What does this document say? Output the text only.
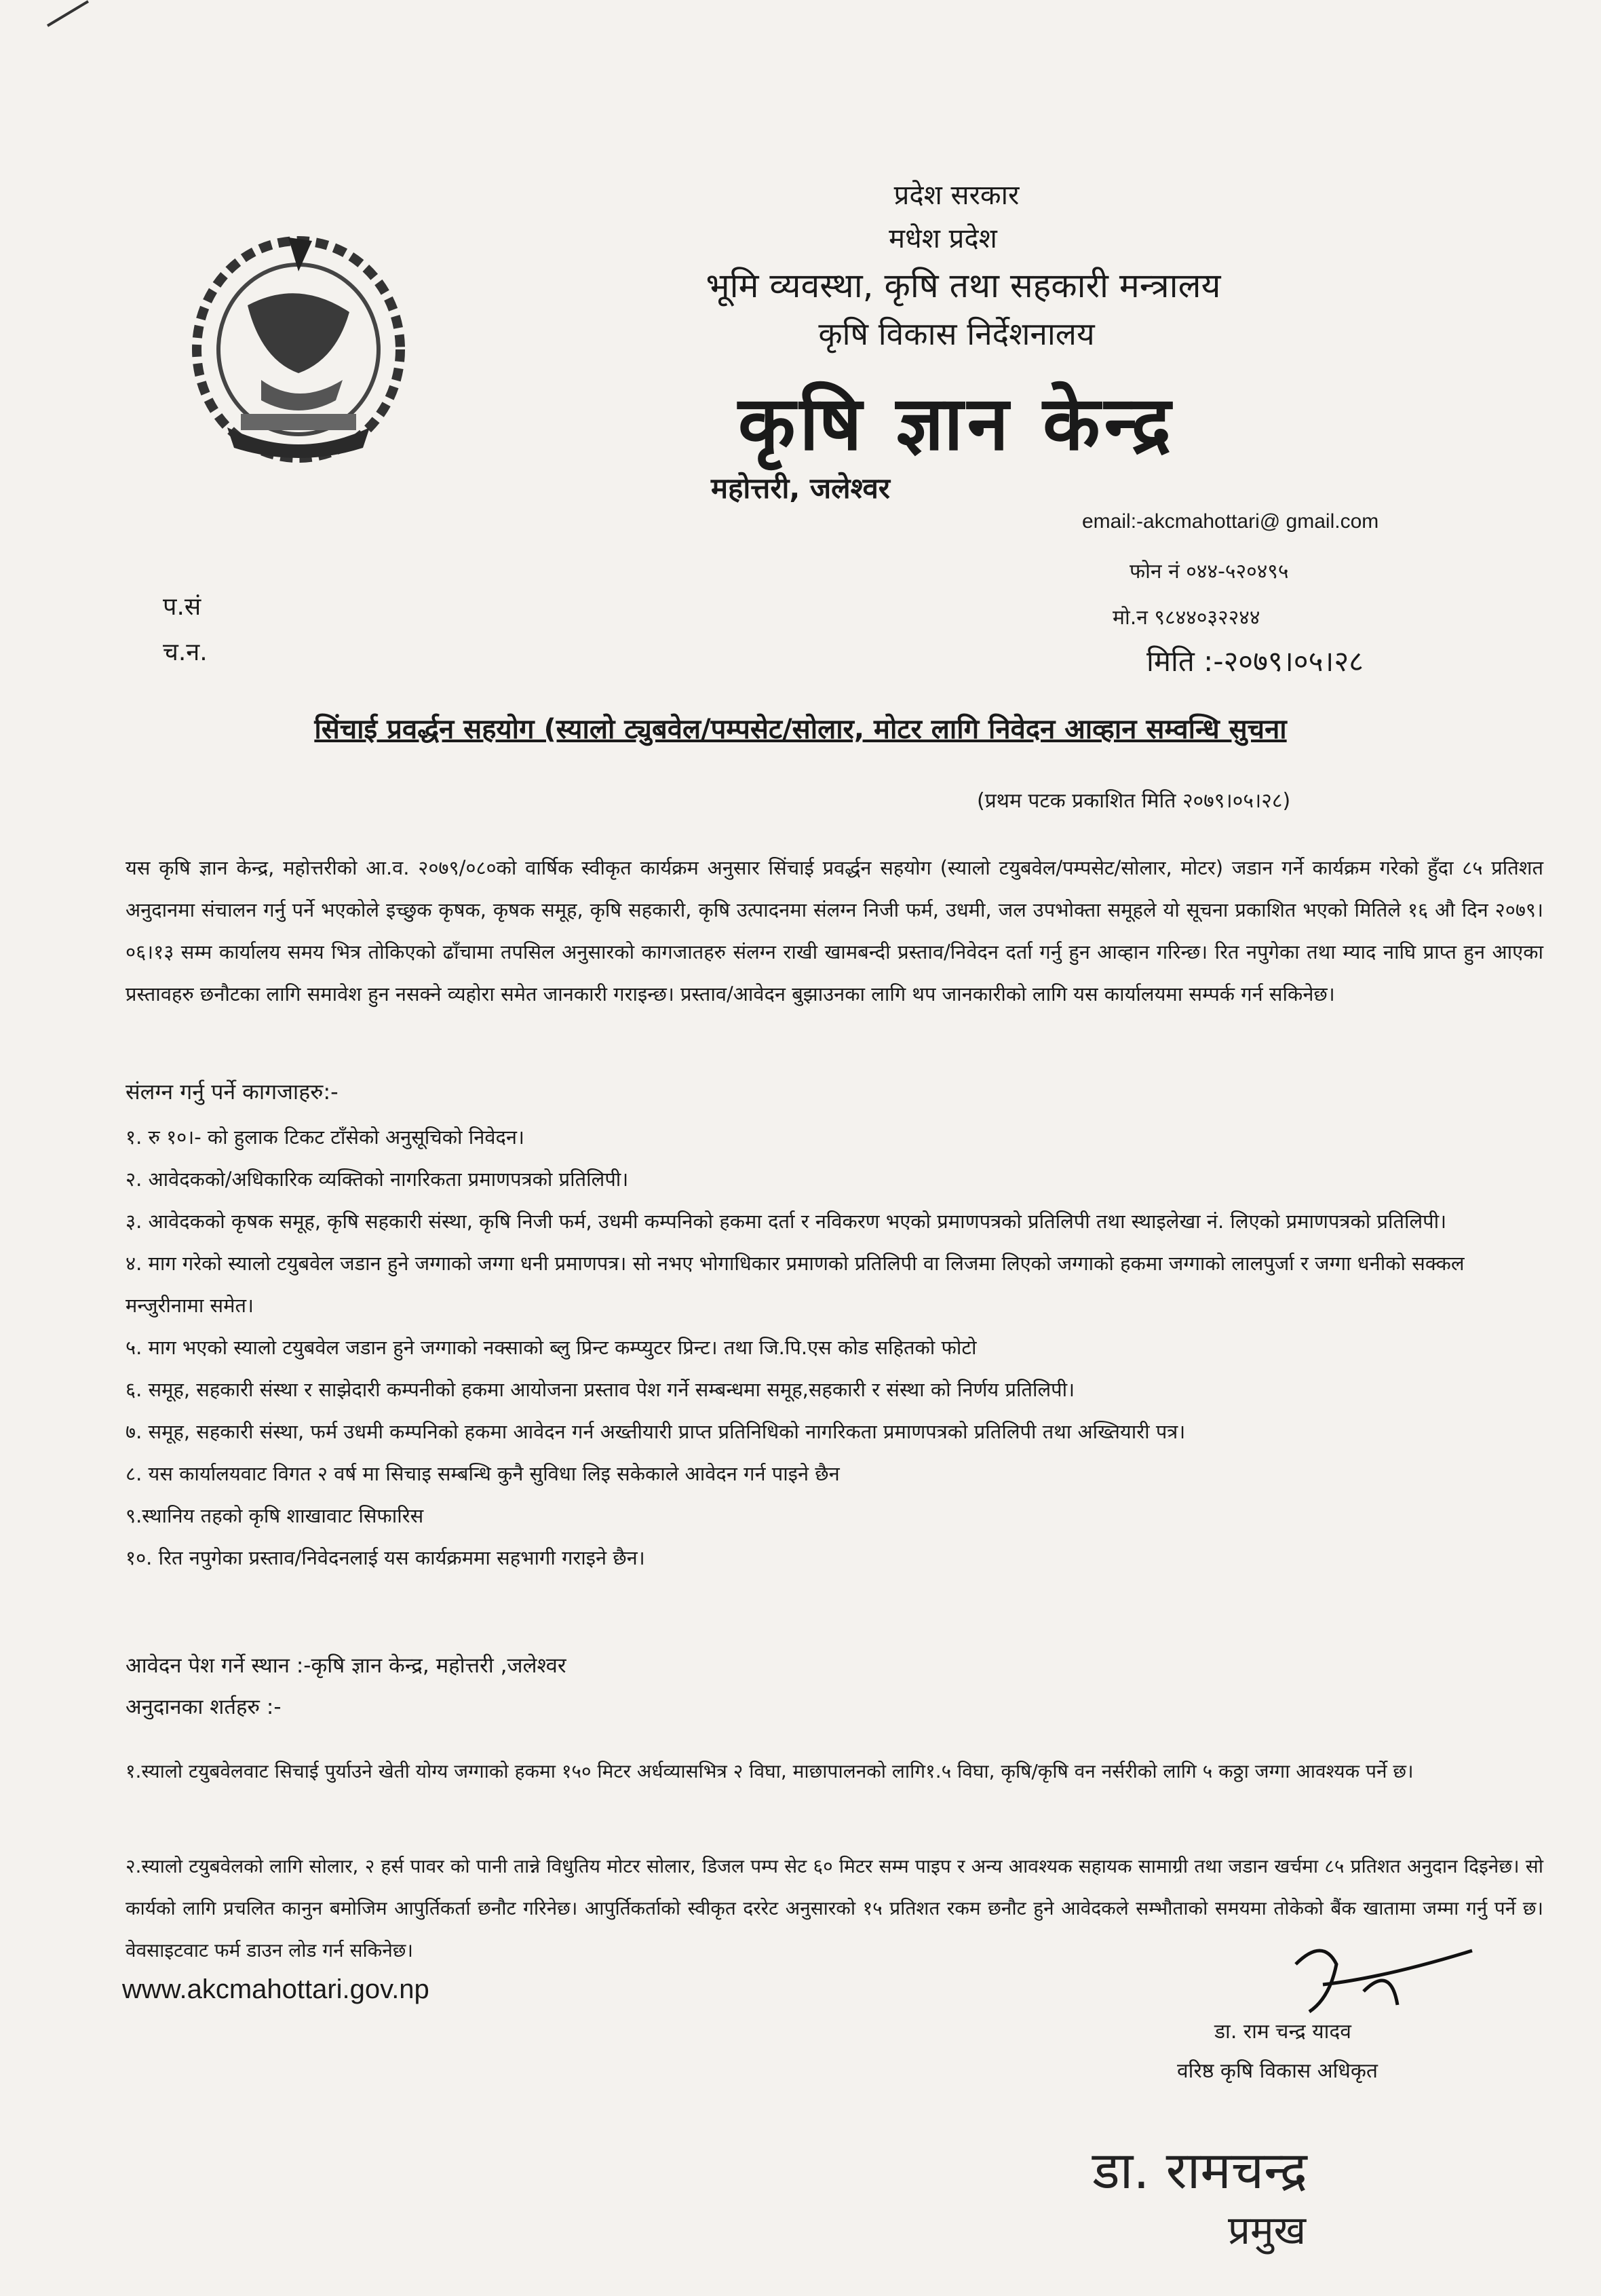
प्रदेश सरकार
मधेश प्रदेश
भूमि व्यवस्था, कृषि तथा सहकारी मन्त्रालय
कृषि विकास निर्देशनालय
कृषि ज्ञान केन्द्र
महोत्तरी, जलेश्वर
email:-akcmahottari@ gmail.com
फोन नं ०४४-५२०४९५
मो.न ९८४४०३२२४४
मिति :-२०७९।०५।२८
प.सं
च.न.
सिंचाई प्रवर्द्धन सहयोग (स्यालो ट्युबवेल/पम्पसेट/सोलार, मोटर लागि निवेदन आव्हान सम्वन्धि सुचना
(प्रथम पटक प्रकाशित मिति २०७९।०५।२८)
यस कृषि ज्ञान केन्द्र, महोत्तरीको आ.व. २०७९/०८०को वार्षिक स्वीकृत कार्यक्रम अनुसार सिंचाई प्रवर्द्धन सहयोग (स्यालो टयुबवेल/पम्पसेट/सोलार, मोटर) जडान गर्ने कार्यक्रम गरेको हुँदा ८५ प्रतिशत अनुदानमा संचालन गर्नु पर्ने भएकोले इच्छुक कृषक, कृषक समूह, कृषि सहकारी, कृषि उत्पादनमा संलग्न निजी फर्म, उधमी, जल उपभोक्ता समूहले यो सूचना प्रकाशित भएको मितिले १६ औ दिन २०७९।०६।१३ सम्म कार्यालय समय भित्र तोकिएको ढाँचामा तपसिल अनुसारको कागजातहरु संलग्न राखी खामबन्दी प्रस्ताव/निवेदन दर्ता गर्नु हुन आव्हान गरिन्छ। रित नपुगेका तथा म्याद नाघि प्राप्त हुन आएका प्रस्तावहरु छनौटका लागि समावेश हुन नसक्ने व्यहोरा समेत जानकारी गराइन्छ। प्रस्ताव/आवेदन बुझाउनका लागि थप जानकारीको लागि यस कार्यालयमा सम्पर्क गर्न सकिनेछ।
संलग्न गर्नु पर्ने कागजाहरु:-
१. रु १०।- को हुलाक टिकट टाँसेको अनुसूचिको निवेदन।
२. आवेदकको/अधिकारिक व्यक्तिको नागरिकता प्रमाणपत्रको प्रतिलिपी।
३. आवेदकको कृषक समूह, कृषि सहकारी संस्था, कृषि निजी फर्म, उधमी कम्पनिको हकमा दर्ता र नविकरण भएको प्रमाणपत्रको प्रतिलिपी तथा स्थाइलेखा नं. लिएको प्रमाणपत्रको प्रतिलिपी।
४. माग गरेको स्यालो टयुबवेल जडान हुने जग्गाको जग्गा धनी प्रमाणपत्र। सो नभए भोगाधिकार प्रमाणको प्रतिलिपी वा लिजमा लिएको जग्गाको हकमा जग्गाको लालपुर्जा र जग्गा धनीको सक्कल मन्जुरीनामा समेत।
५. माग भएको स्यालो टयुबवेल जडान हुने जग्गाको नक्साको ब्लु प्रिन्ट कम्प्युटर प्रिन्ट। तथा जि.पि.एस कोड सहितको फोटो
६. समूह, सहकारी संस्था र साझेदारी कम्पनीको हकमा आयोजना प्रस्ताव पेश गर्ने सम्बन्धमा समूह,सहकारी र संस्था को निर्णय प्रतिलिपी।
७. समूह, सहकारी संस्था, फर्म उधमी कम्पनिको हकमा आवेदन गर्न अख्तीयारी प्राप्त प्रतिनिधिको नागरिकता प्रमाणपत्रको प्रतिलिपी तथा अख्तियारी पत्र।
८. यस कार्यालयवाट विगत २ वर्ष मा सिचाइ सम्बन्धि कुनै सुविधा लिइ सकेकाले आवेदन गर्न पाइने छैन
९.स्थानिय तहको कृषि शाखावाट सिफारिस
१०. रित नपुगेका प्रस्ताव/निवेदनलाई यस कार्यक्रममा सहभागी गराइने छैन।
आवेदन पेश गर्ने स्थान :-कृषि ज्ञान केन्द्र, महोत्तरी ,जलेश्वर
अनुदानका शर्तहरु :-
१.स्यालो टयुबवेलवाट सिचाई पुर्याउने खेती योग्य जग्गाको हकमा १५० मिटर अर्धव्यासभित्र २ विघा, माछापालनको लागि१.५ विघा, कृषि/कृषि वन नर्सरीको लागि ५ कठ्ठा जग्गा आवश्यक पर्ने छ।
२.स्यालो टयुबवेलको लागि सोलार, २ हर्स पावर को पानी तान्ने विधुतिय मोटर सोलार, डिजल पम्प सेट ६० मिटर सम्म पाइप र अन्य आवश्यक सहायक सामाग्री तथा जडान खर्चमा ८५ प्रतिशत अनुदान दिइनेछ। सो कार्यको लागि प्रचलित कानुन बमोजिम आपुर्तिकर्ता छनौट गरिनेछ। आपुर्तिकर्ताको स्वीकृत दररेट अनुसारको १५ प्रतिशत रकम छनौट हुने आवेदकले सम्भौताको समयमा तोकेको बैंक खातामा जम्मा गर्नु पर्ने छ। वेवसाइटवाट फर्म डाउन लोड गर्न सकिनेछ।
www.akcmahottari.gov.np
डा. राम चन्द्र यादव
वरिष्ठ कृषि विकास अधिकृत
डा. रामचन्द्र
प्रमुख
